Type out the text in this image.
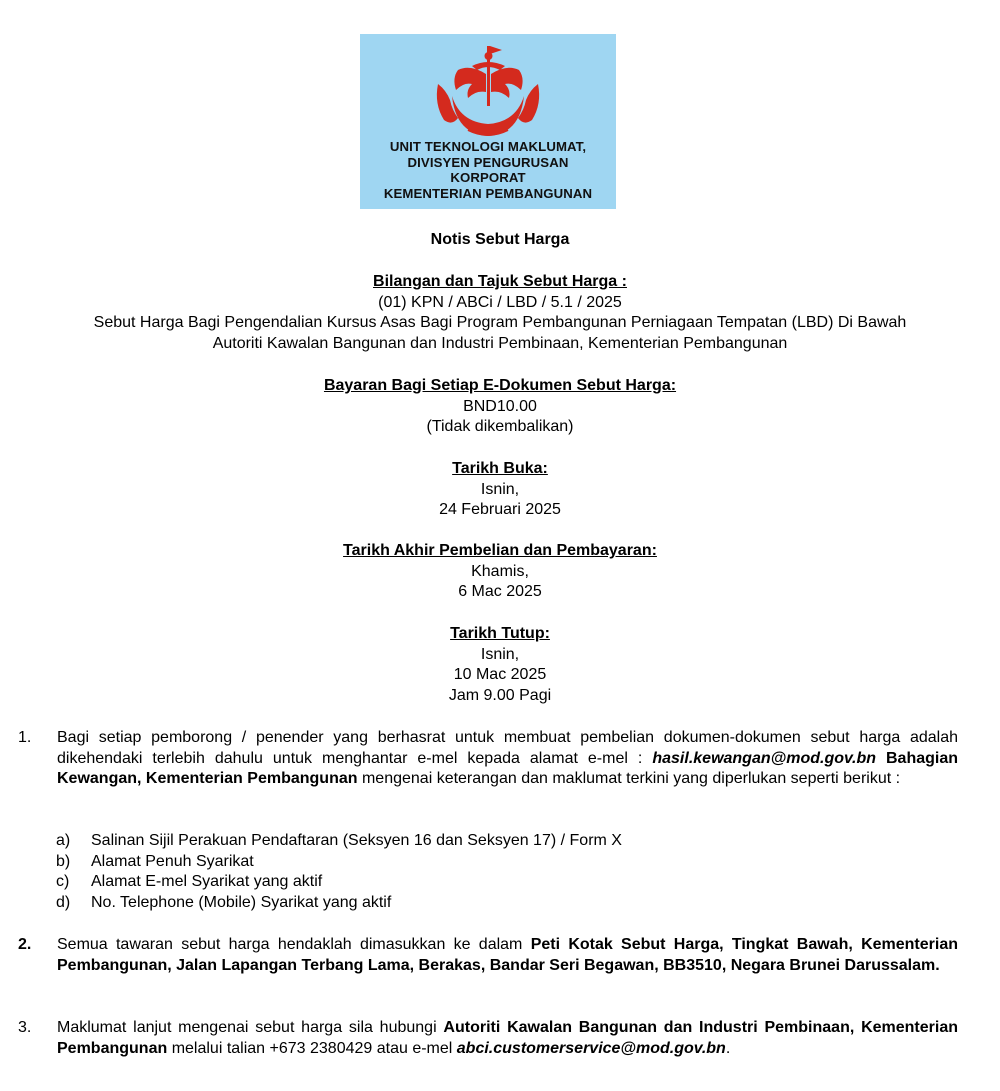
UNIT TEKNOLOGI MAKLUMAT,
DIVISYEN PENGURUSAN
KORPORAT
KEMENTERIAN PEMBANGUNAN
Notis Sebut Harga
Bilangan dan Tajuk Sebut Harga :
(01) KPN / ABCi / LBD / 5.1 / 2025
Sebut Harga Bagi Pengendalian Kursus Asas Bagi Program Pembangunan Perniagaan Tempatan (LBD) Di Bawah
Autoriti Kawalan Bangunan dan Industri Pembinaan, Kementerian Pembangunan
Bayaran Bagi Setiap E-Dokumen Sebut Harga:
BND10.00
(Tidak dikembalikan)
Tarikh Buka:
Isnin,
24 Februari 2025
Tarikh Akhir Pembelian dan Pembayaran:
Khamis,
6 Mac 2025
Tarikh Tutup:
Isnin,
10 Mac 2025
Jam 9.00 Pagi
1. Bagi setiap pemborong / penender yang berhasrat untuk membuat pembelian dokumen-dokumen sebut harga adalah dikehendaki terlebih dahulu untuk menghantar e-mel kepada alamat e-mel : hasil.kewangan@mod.gov.bn Bahagian Kewangan, Kementerian Pembangunan mengenai keterangan dan maklumat terkini yang diperlukan seperti berikut :
a) Salinan Sijil Perakuan Pendaftaran (Seksyen 16 dan Seksyen 17) / Form X
b) Alamat Penuh Syarikat
c) Alamat E-mel Syarikat yang aktif
d) No. Telephone (Mobile) Syarikat yang aktif
2. Semua tawaran sebut harga hendaklah dimasukkan ke dalam Peti Kotak Sebut Harga, Tingkat Bawah, Kementerian Pembangunan, Jalan Lapangan Terbang Lama, Berakas, Bandar Seri Begawan, BB3510, Negara Brunei Darussalam.
3. Maklumat lanjut mengenai sebut harga sila hubungi Autoriti Kawalan Bangunan dan Industri Pembinaan, Kementerian Pembangunan melalui talian +673 2380429 atau e-mel abci.customerservice@mod.gov.bn.
